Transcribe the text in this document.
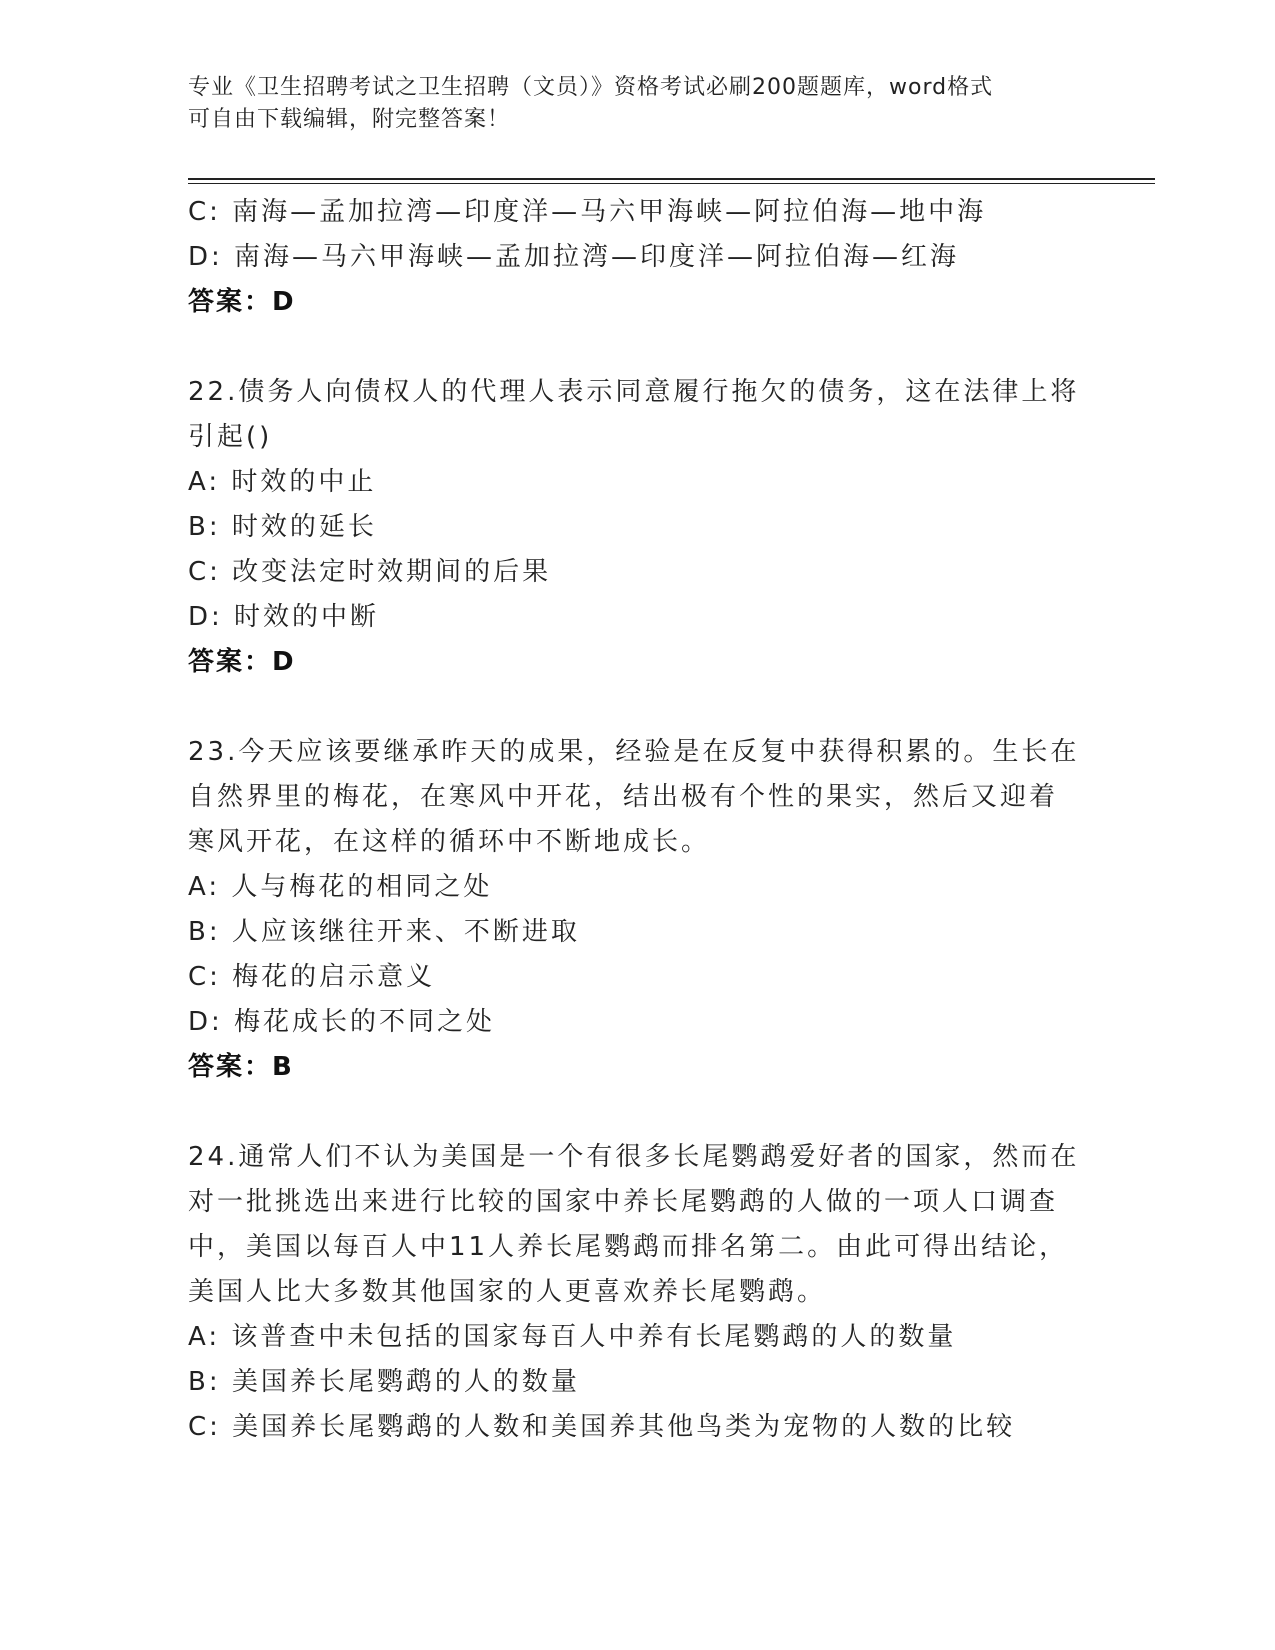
专业《卫生招聘考试之卫生招聘（文员）》资格考试必刷200题题库，word格式
可自由下载编辑，附完整答案！
C: 南海—孟加拉湾—印度洋—马六甲海峡—阿拉伯海—地中海
D: 南海—马六甲海峡—孟加拉湾—印度洋—阿拉伯海—红海
答案：D
22.债务人向债权人的代理人表示同意履行拖欠的债务，这在法律上将
引起()
A: 时效的中止
B: 时效的延长
C: 改变法定时效期间的后果
D: 时效的中断
答案：D
23.今天应该要继承昨天的成果，经验是在反复中获得积累的。生长在
自然界里的梅花，在寒风中开花，结出极有个性的果实，然后又迎着
寒风开花，在这样的循环中不断地成长。
A: 人与梅花的相同之处
B: 人应该继往开来、不断进取
C: 梅花的启示意义
D: 梅花成长的不同之处
答案：B
24.通常人们不认为美国是一个有很多长尾鹦鹉爱好者的国家，然而在
对一批挑选出来进行比较的国家中养长尾鹦鹉的人做的一项人口调查
中，美国以每百人中11人养长尾鹦鹉而排名第二。由此可得出结论，
美国人比大多数其他国家的人更喜欢养长尾鹦鹉。
A: 该普查中未包括的国家每百人中养有长尾鹦鹉的人的数量
B: 美国养长尾鹦鹉的人的数量
C: 美国养长尾鹦鹉的人数和美国养其他鸟类为宠物的人数的比较
